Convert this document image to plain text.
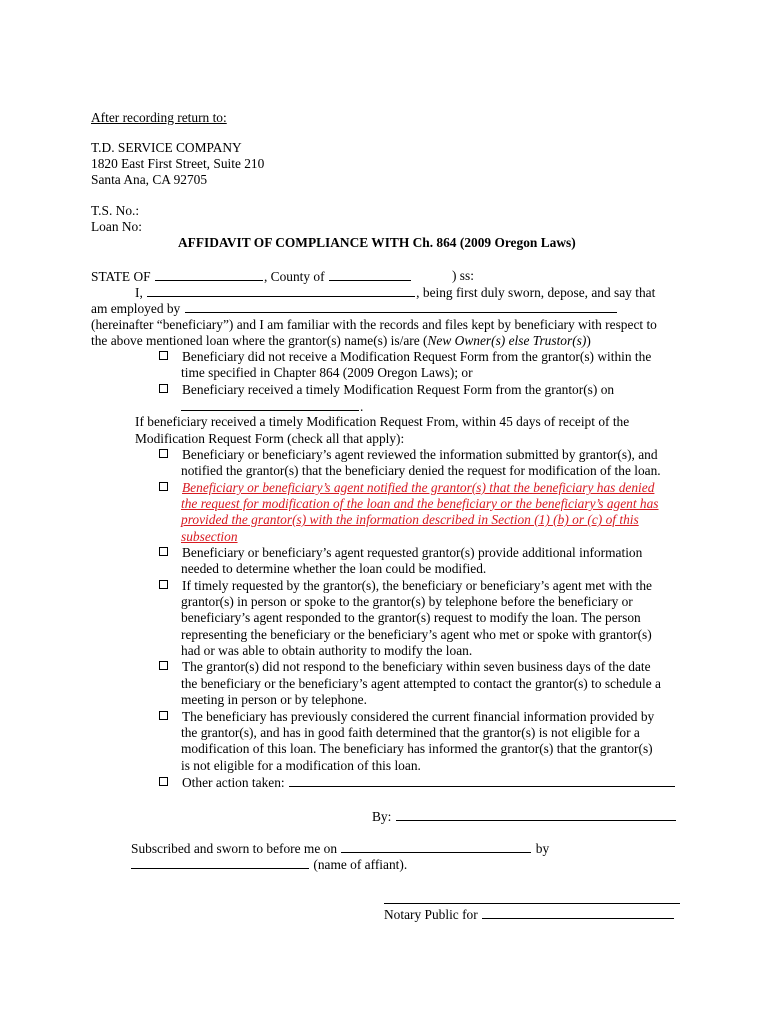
After recording return to:
T.D. SERVICE COMPANY
1820 East First Street, Suite 210
Santa Ana, CA 92705
T.S. No.:
Loan No:
AFFIDAVIT OF COMPLIANCE WITH Ch. 864 (2009 Oregon Laws)
STATE OF	, County of	) ss:
I,	, being first duly sworn, depose, and say that
am employed by
(hereinafter “beneficiary”) and I am familiar with the records and files kept by beneficiary with respect to
the above mentioned loan where the grantor(s) name(s) is/are (New Owner(s) else Trustor(s))
Beneficiary did not receive a Modification Request Form from the grantor(s) within the
time specified in Chapter 864 (2009 Oregon Laws); or
Beneficiary received a timely Modification Request Form from the grantor(s) on
.
If beneficiary received a timely Modification Request From, within 45 days of receipt of the
Modification Request Form (check all that apply):
Beneficiary or beneficiary’s agent reviewed the information submitted by grantor(s), and
notified the grantor(s) that the beneficiary denied the request for modification of the loan.
Beneficiary or beneficiary’s agent notified the grantor(s) that the beneficiary has denied
the request for modification of the loan and the beneficiary or the beneficiary’s agent has
provided the grantor(s) with the information described in Section (1) (b) or (c) of this
subsection
Beneficiary or beneficiary’s agent requested grantor(s) provide additional information
needed to determine whether the loan could be modified.
If timely requested by the grantor(s), the beneficiary or beneficiary’s agent met with the
grantor(s) in person or spoke to the grantor(s) by telephone before the beneficiary or
beneficiary’s agent responded to the grantor(s) request to modify the loan. The person
representing the beneficiary or the beneficiary’s agent who met or spoke with grantor(s)
had or was able to obtain authority to modify the loan.
The grantor(s) did not respond to the beneficiary within seven business days of the date
the beneficiary or the beneficiary’s agent attempted to contact the grantor(s) to schedule a
meeting in person or by telephone.
The beneficiary has previously considered the current financial information provided by
the grantor(s), and has in good faith determined that the grantor(s) is not eligible for a
modification of this loan. The beneficiary has informed the grantor(s) that the grantor(s)
is not eligible for a modification of this loan.
Other action taken:
By:
Subscribed and sworn to before me on	by
(name of affiant).
Notary Public for
